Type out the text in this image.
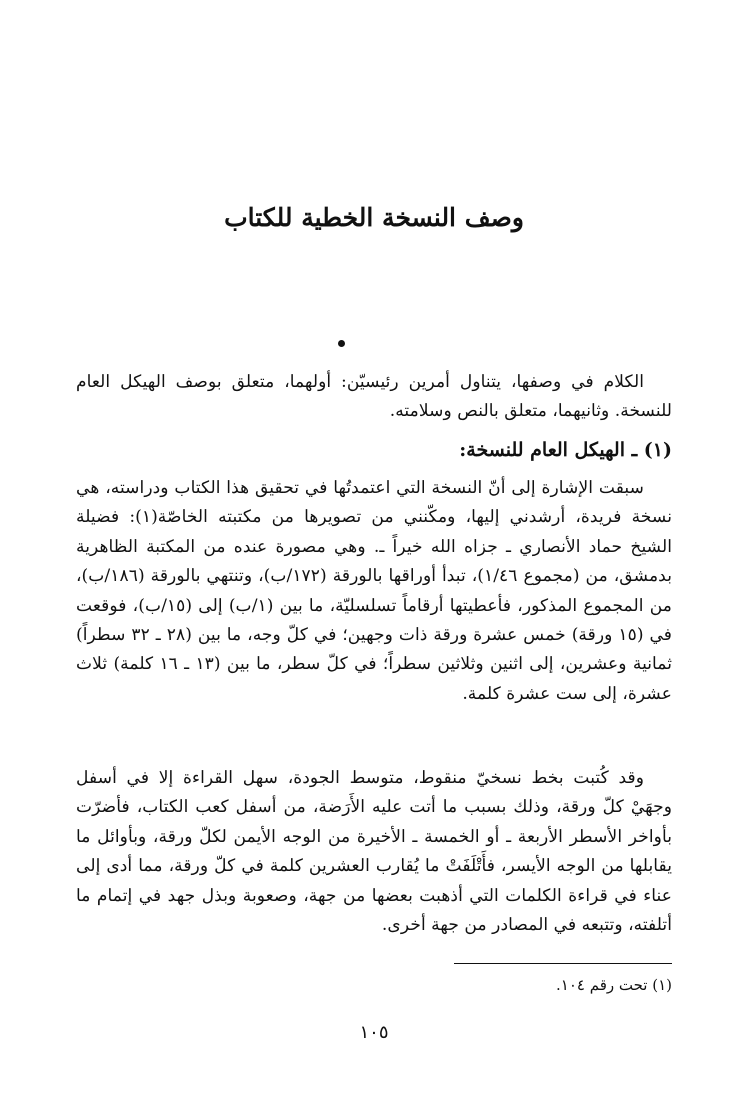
وصف النسخة الخطية للكتاب

الكلام في وصفها، يتناول أمرين رئيسيّن: أولهما، متعلق بوصف الهيكل العام للنسخة. وثانيهما، متعلق بالنص وسلامته.

(١) ـ الهيكل العام للنسخة:

سبقت الإشارة إلى أنّ النسخة التي اعتمدتُها في تحقيق هذا الكتاب ودراسته، هي نسخة فريدة، أرشدني إليها، ومكّنني من تصويرها من مكتبته الخاصّة(١): فضيلة الشيخ حماد الأنصاري ـ جزاه الله خيراً ـ. وهي مصورة عنده من المكتبة الظاهرية بدمشق، من (مجموع ١/٤٦)، تبدأ أوراقها بالورقة (١٧٢/ب)، وتنتهي بالورقة (١٨٦/ب)، من المجموع المذكور، فأعطيتها أرقاماً تسلسليّة، ما بين (١/ب) إلى (١٥/ب)، فوقعت في (١٥ ورقة) خمس عشرة ورقة ذات وجهين؛ في كلّ وجه، ما بين (٢٨ ـ ٣٢ سطراً) ثمانية وعشرين، إلى اثنين وثلاثين سطراً؛ في كلّ سطر، ما بين (١٣ ـ ١٦ كلمة) ثلاث عشرة، إلى ست عشرة كلمة.

وقد كُتبت بخط نسخيّ منقوط، متوسط الجودة، سهل القراءة إلا في أسفل وجهَيْ كلّ ورقة، وذلك بسبب ما أتت عليه الأَرَضة، من أسفل كعب الكتاب، فأضرّت بأواخر الأسطر الأربعة ـ أو الخمسة ـ الأخيرة من الوجه الأيمن لكلّ ورقة، وبأوائل ما يقابلها من الوجه الأيسر، فأَتْلَفَتْ ما يُقارب العشرين كلمة في كلّ ورقة، مما أدى إلى عناء في قراءة الكلمات التي أذهبت بعضها من جهة، وصعوبة وبذل جهد في إتمام ما أتلفته، وتتبعه في المصادر من جهة أخرى.

(١) تحت رقم ١٠٤.

١٠٥
